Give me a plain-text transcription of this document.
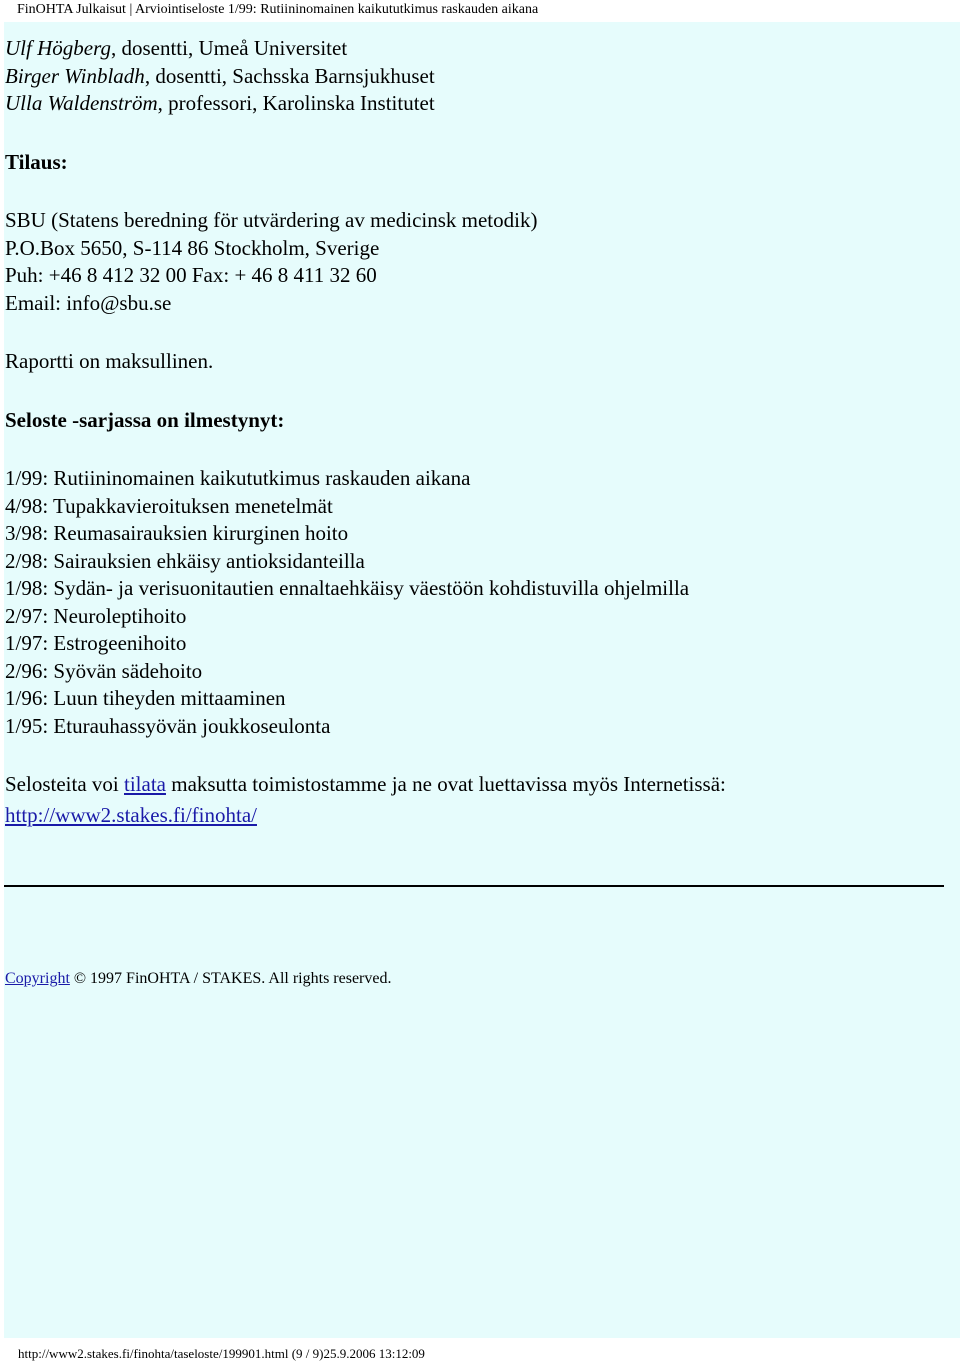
FinOHTA Julkaisut | Arviointiseloste 1/99: Rutiininomainen kaikututkimus raskauden aikana
Ulf Högberg, dosentti, Umeå Universitet
Birger Winbladh, dosentti, Sachsska Barnsjukhuset
Ulla Waldenström, professori, Karolinska Institutet
Tilaus:
SBU (Statens beredning för utvärdering av medicinsk metodik)
P.O.Box 5650, S-114 86 Stockholm, Sverige
Puh: +46 8 412 32 00 Fax: + 46 8 411 32 60
Email: info@sbu.se
Raportti on maksullinen.
Seloste -sarjassa on ilmestynyt:
1/99: Rutiininomainen kaikututkimus raskauden aikana
4/98: Tupakkavieroituksen menetelmät
3/98: Reumasairauksien kirurginen hoito
2/98: Sairauksien ehkäisy antioksidanteilla
1/98: Sydän- ja verisuonitautien ennaltaehkäisy väestöön kohdistuvilla ohjelmilla
2/97: Neuroleptihoito
1/97: Estrogeenihoito
2/96: Syövän sädehoito
1/96: Luun tiheyden mittaaminen
1/95: Eturauhassyövän joukkoseulonta
Selosteita voi tilata maksutta toimistostamme ja ne ovat luettavissa myös Internetissä:
http://www2.stakes.fi/finohta/
Copyright © 1997 FinOHTA / STAKES. All rights reserved.
http://www2.stakes.fi/finohta/taseloste/199901.html (9 / 9)25.9.2006 13:12:09
